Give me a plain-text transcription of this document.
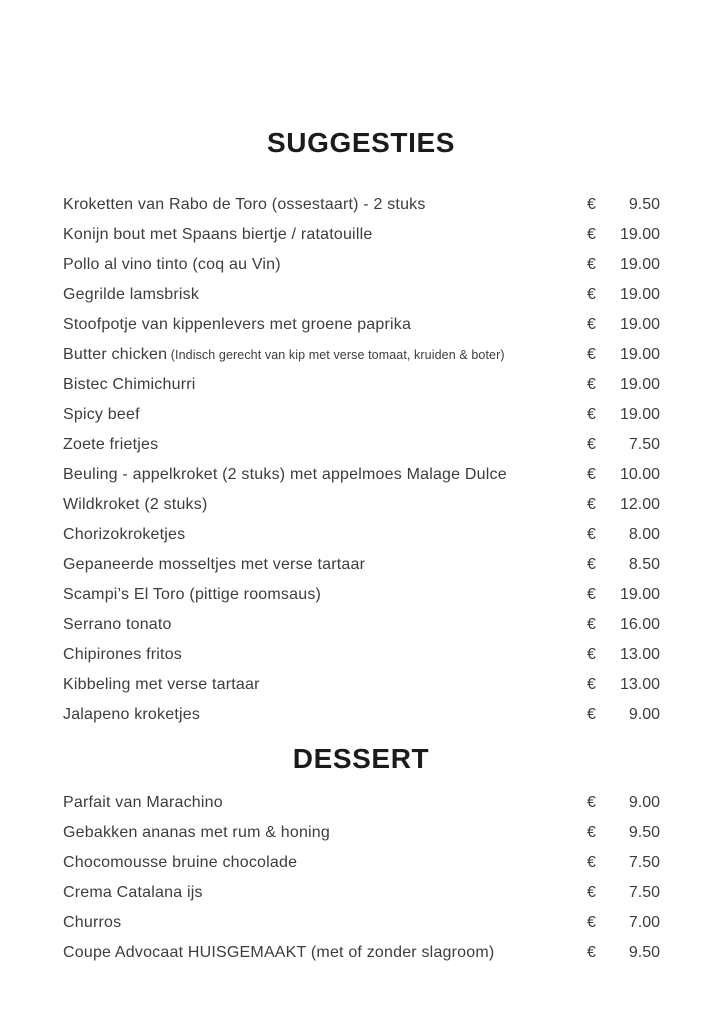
SUGGESTIES
Kroketten van Rabo de Toro (ossestaart) - 2 stuks	€	9.50
Konijn bout met Spaans biertje / ratatouille	€	19.00
Pollo al vino tinto (coq au Vin)	€	19.00
Gegrilde lamsbrisk	€	19.00
Stoofpotje van kippenlevers met groene paprika	€	19.00
Butter chicken (Indisch gerecht van kip met verse tomaat, kruiden & boter)	€	19.00
Bistec Chimichurri	€	19.00
Spicy beef	€	19.00
Zoete frietjes	€	7.50
Beuling - appelkroket (2 stuks) met appelmoes Malage Dulce	€	10.00
Wildkroket (2 stuks)	€	12.00
Chorizokroketjes	€	8.00
Gepaneerde mosseltjes met verse tartaar	€	8.50
Scampi’s El Toro (pittige roomsaus)	€	19.00
Serrano tonato	€	16.00
Chipirones fritos	€	13.00
Kibbeling met verse tartaar	€	13.00
Jalapeno kroketjes	€	9.00
DESSERT
Parfait van Marachino	€	9.00
Gebakken ananas met rum & honing	€	9.50
Chocomousse bruine chocolade	€	7.50
Crema Catalana ijs	€	7.50
Churros	€	7.00
Coupe Advocaat HUISGEMAAKT (met of zonder slagroom)	€	9.50
